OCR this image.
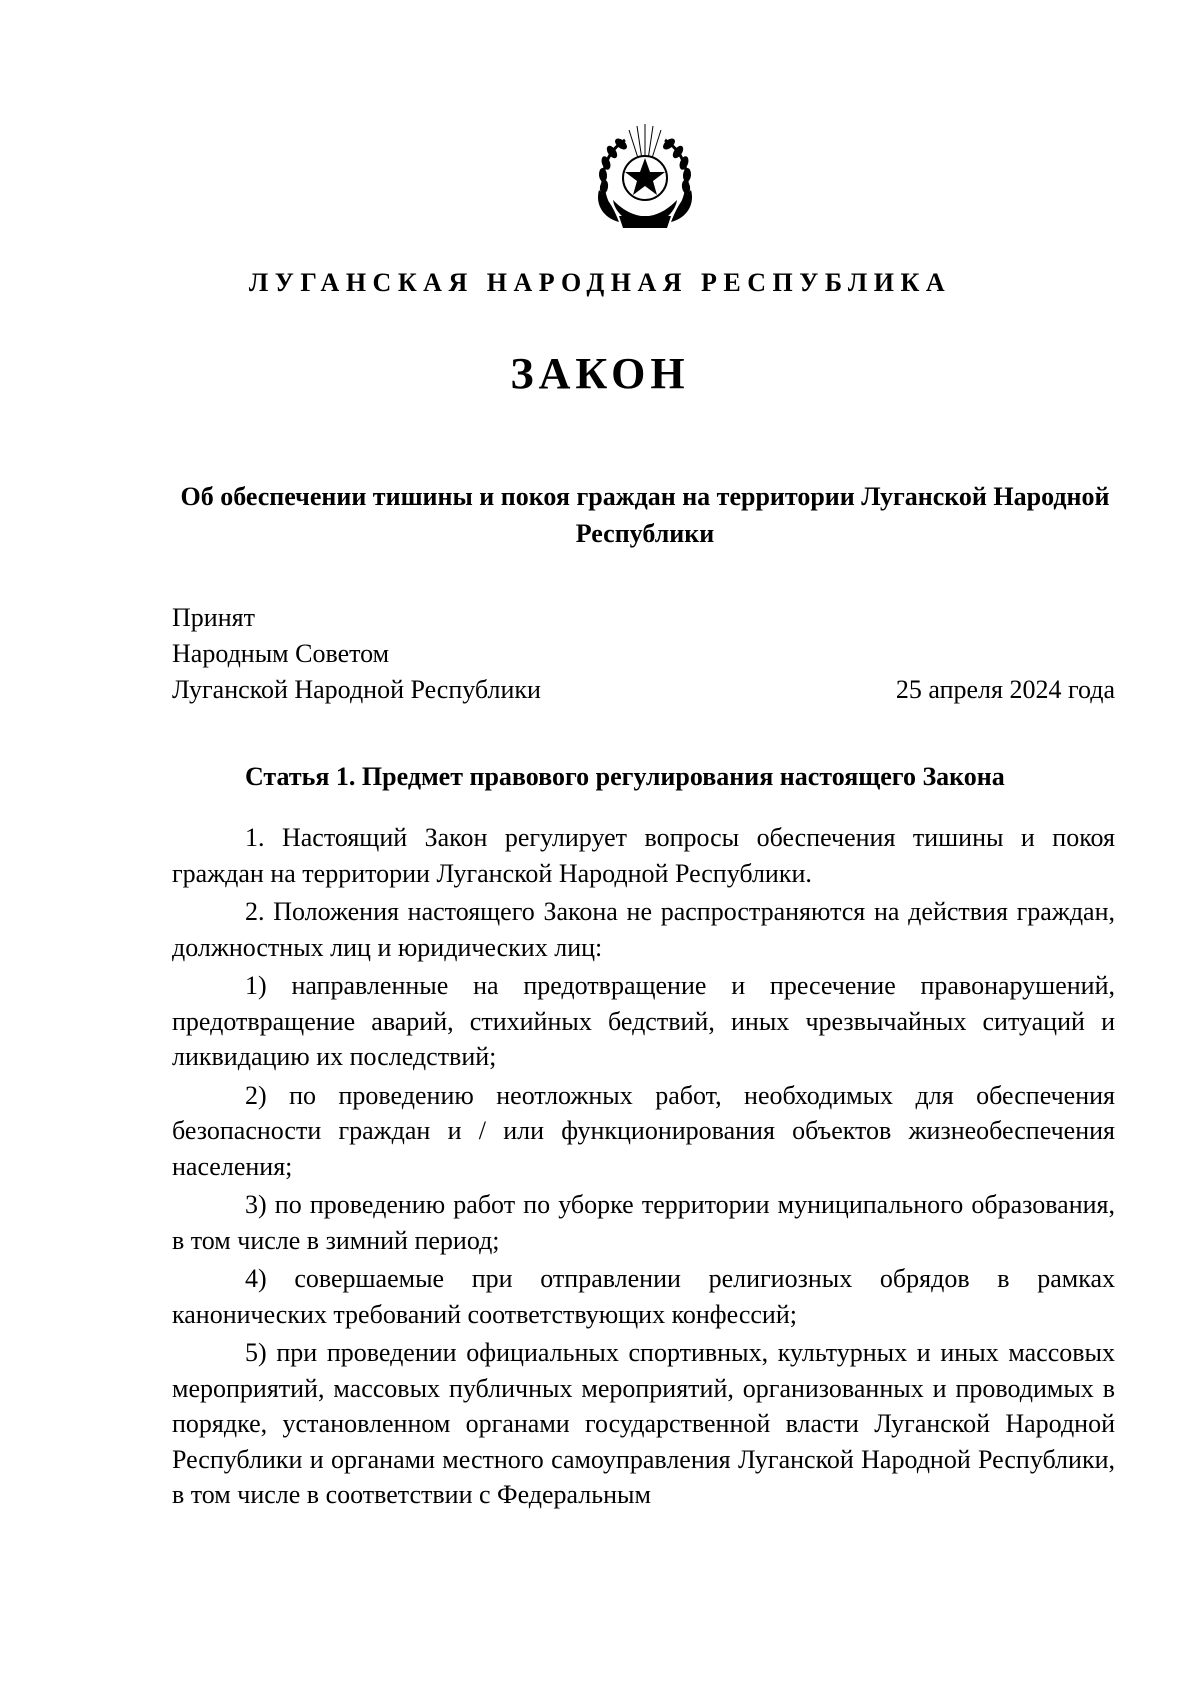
ЛУГАНСКАЯ НАРОДНАЯ РЕСПУБЛИКА
ЗАКОН
Об обеспечении тишины и покоя граждан на территории Луганской Народной Республики
Принят
Народным Советом
Луганской Народной Республики	25 апреля 2024 года
Статья 1. Предмет правового регулирования настоящего Закона

1. Настоящий Закон регулирует вопросы обеспечения тишины и покоя граждан на территории Луганской Народной Республики.

2. Положения настоящего Закона не распространяются на действия граждан, должностных лиц и юридических лиц:

1) направленные на предотвращение и пресечение правонарушений, предотвращение аварий, стихийных бедствий, иных чрезвычайных ситуаций и ликвидацию их последствий;

2) по проведению неотложных работ, необходимых для обеспечения безопасности граждан и / или функционирования объектов жизнеобеспечения населения;

3) по проведению работ по уборке территории муниципального образования, в том числе в зимний период;

4) совершаемые при отправлении религиозных обрядов в рамках канонических требований соответствующих конфессий;

5) при проведении официальных спортивных, культурных и иных массовых мероприятий, массовых публичных мероприятий, организованных и проводимых в порядке, установленном органами государственной власти Луганской Народной Республики и органами местного самоуправления Луганской Народной Республики, в том числе в соответствии с Федеральным
